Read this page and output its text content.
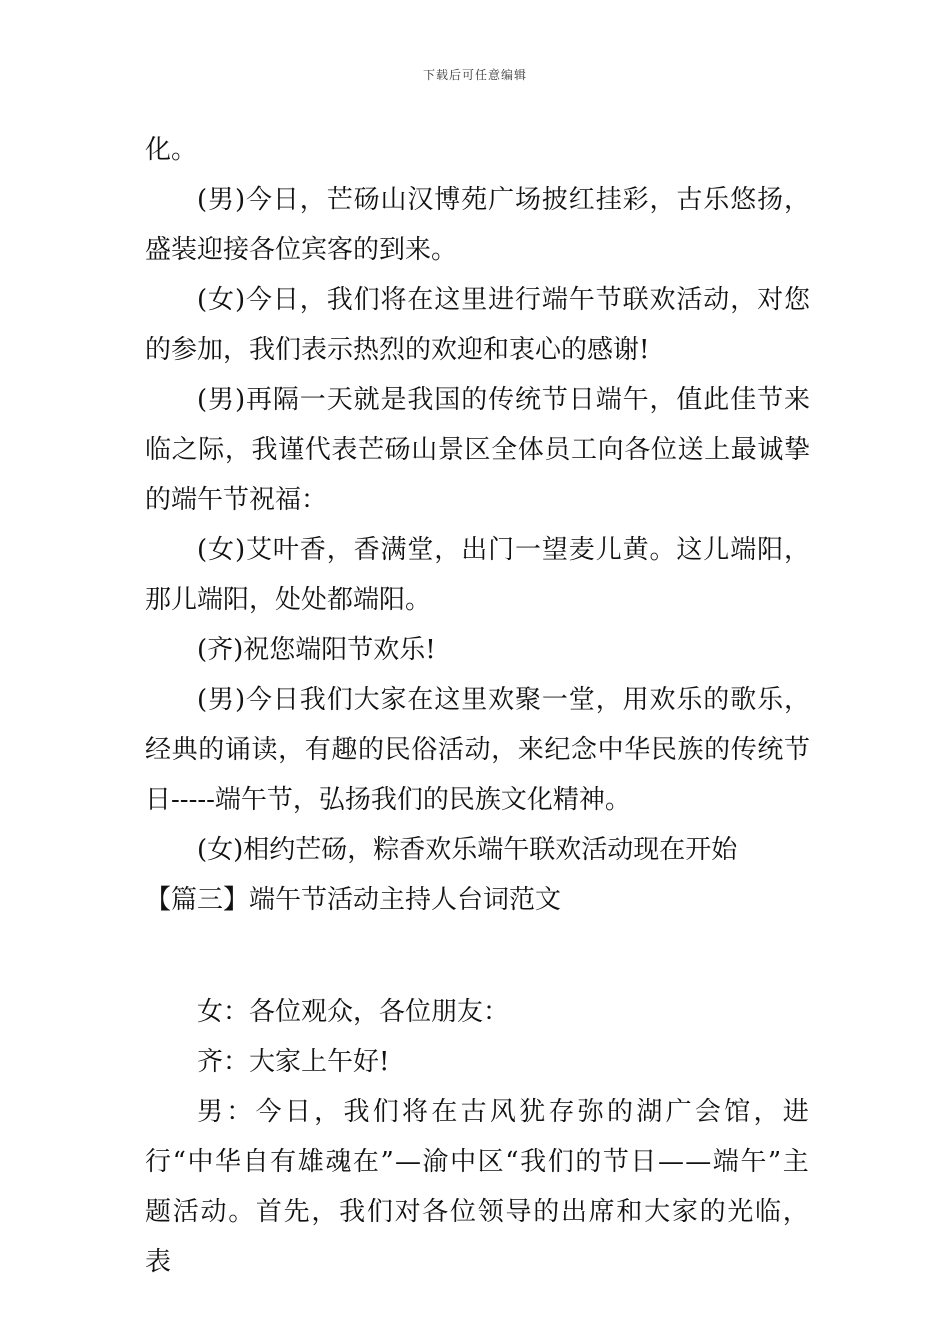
下载后可任意编辑

化。

(男)今日，芒砀山汉博苑广场披红挂彩，古乐悠扬，盛装迎接各位宾客的到来。

(女)今日，我们将在这里进行端午节联欢活动，对您的参加，我们表示热烈的欢迎和衷心的感谢!

(男)再隔一天就是我国的传统节日端午，值此佳节来临之际，我谨代表芒砀山景区全体员工向各位送上最诚挚的端午节祝福：

(女)艾叶香，香满堂，出门一望麦儿黄。这儿端阳，那儿端阳，处处都端阳。

(齐)祝您端阳节欢乐!

(男)今日我们大家在这里欢聚一堂，用欢乐的歌乐，经典的诵读，有趣的民俗活动，来纪念中华民族的传统节日-----端午节，弘扬我们的民族文化精神。

(女)相约芒砀，粽香欢乐端午联欢活动现在开始

【篇三】端午节活动主持人台词范文

女：各位观众，各位朋友：

齐：大家上午好!

男：今日，我们将在古风犹存弥的湖广会馆，进行“中华自有雄魂在”—渝中区“我们的节日——端午”主题活动。首先，我们对各位领导的出席和大家的光临，表
